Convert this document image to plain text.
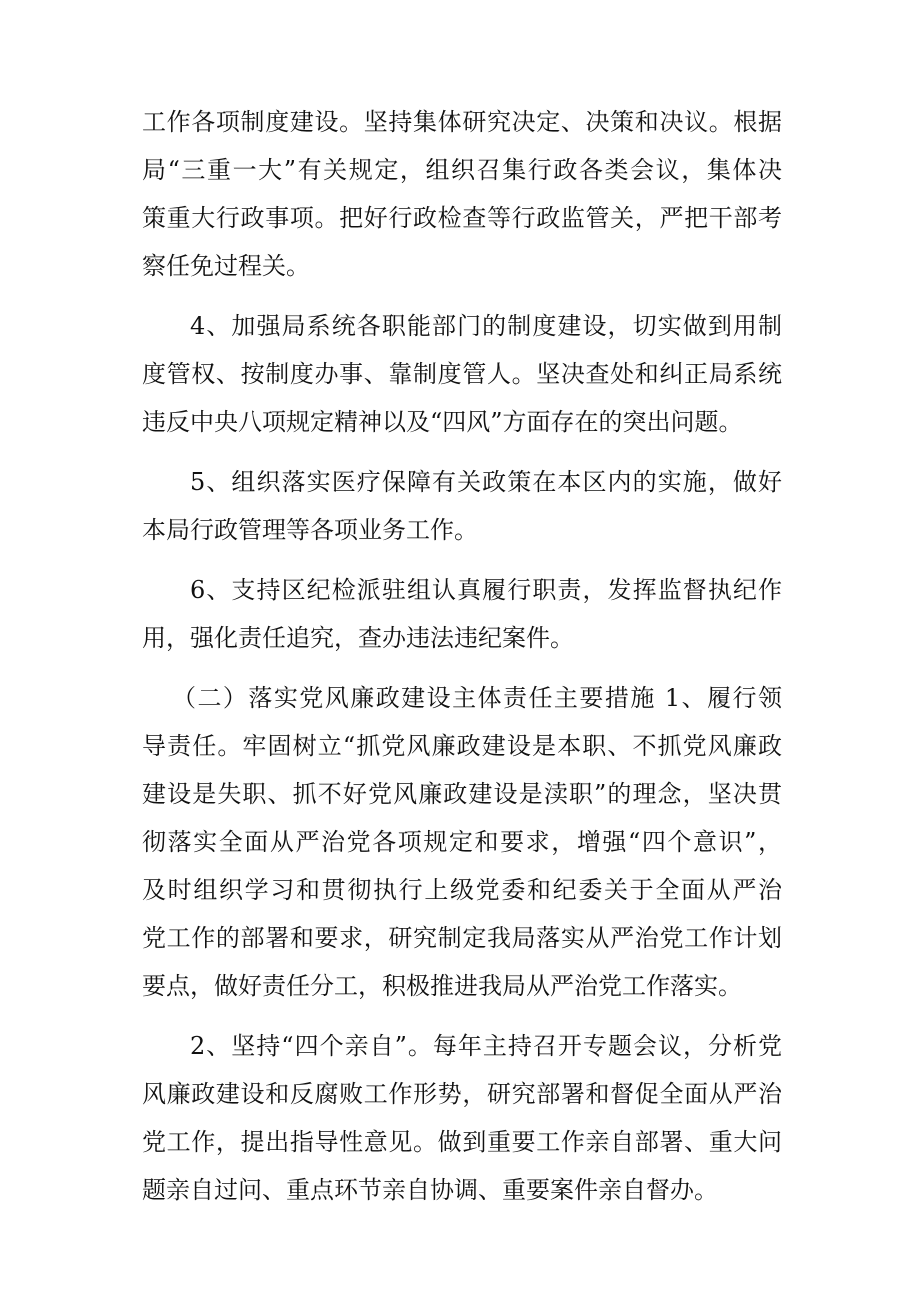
工作各项制度建设。坚持集体研究决定、决策和决议。根据
局“三重一大”有关规定，组织召集行政各类会议，集体决
策重大行政事项。把好行政检查等行政监管关，严把干部考
察任免过程关。
4、加强局系统各职能部门的制度建设，切实做到用制
度管权、按制度办事、靠制度管人。坚决查处和纠正局系统
违反中央八项规定精神以及“四风”方面存在的突出问题。
5、组织落实医疗保障有关政策在本区内的实施，做好
本局行政管理等各项业务工作。
6、支持区纪检派驻组认真履行职责，发挥监督执纪作
用，强化责任追究，查办违法违纪案件。
（二）落实党风廉政建设主体责任主要措施 1、履行领
导责任。牢固树立“抓党风廉政建设是本职、不抓党风廉政
建设是失职、抓不好党风廉政建设是渎职”的理念，坚决贯
彻落实全面从严治党各项规定和要求，增强“四个意识”，
及时组织学习和贯彻执行上级党委和纪委关于全面从严治
党工作的部署和要求，研究制定我局落实从严治党工作计划
要点，做好责任分工，积极推进我局从严治党工作落实。
2、坚持“四个亲自”。每年主持召开专题会议，分析党
风廉政建设和反腐败工作形势，研究部署和督促全面从严治
党工作，提出指导性意见。做到重要工作亲自部署、重大问
题亲自过问、重点环节亲自协调、重要案件亲自督办。
